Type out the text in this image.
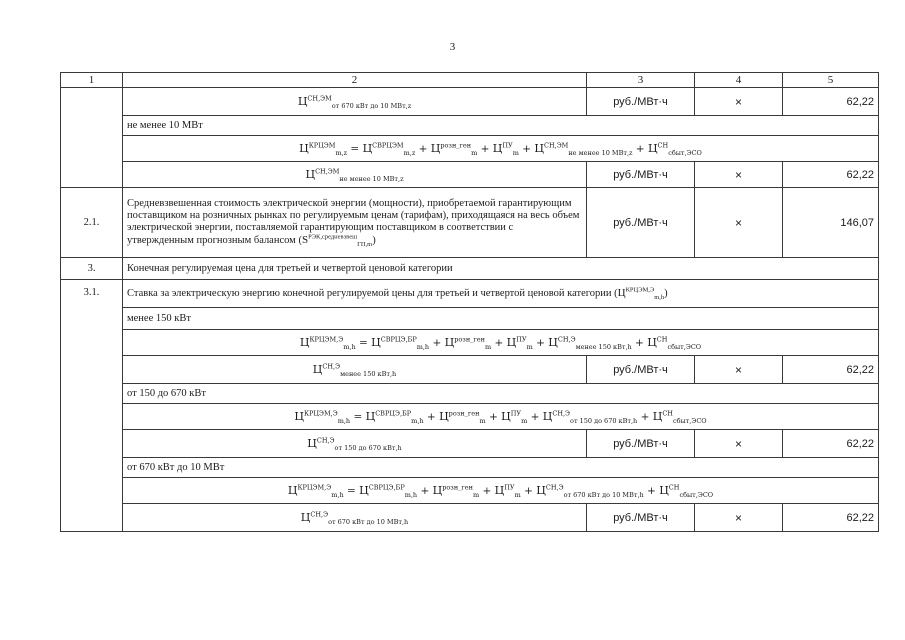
3
1	2	3	4	5
	$Ц^{СН,ЭМ}_{от 670 кВт до 10 МВт,z}$	руб./МВт·ч	×	62,22
	не менее 10 МВт			
	$Ц^{КРЦЭМ}_{m,z} = Ц^{СВРЦЭМ}_{m,z} + Ц^{розн\_ген}_m + Ц^{ПУ}_m + Ц^{СН,ЭМ}_{не менее 10 МВт,z} + Ц^{СН}_{сбыт,ЭСО}$
	$Ц^{СН,ЭМ}_{не менее 10 МВт,z}$	руб./МВт·ч	×	62,22
2.1.	Средневзвешенная стоимость электрической энергии (мощности), приобретаемой гарантирующим поставщиком на розничных рынках по регулируемым ценам (тарифам), приходящаяся на весь объем электрической энергии, поставляемой гарантирующим поставщиком в соответствии с утвержденным прогнозным балансом $(S^{РЭК,средневзвеш}_{ГП,m})$	руб./МВт·ч	×	146,07
3.	Конечная регулируемая цена для третьей и четвертой ценовой категории			
3.1.	Ставка за электрическую энергию конечной регулируемой цены для третьей и четвертой ценовой категории $(Ц^{КРЦЭМ,Э}_{m,h})$			
	менее 150 кВт			
	$Ц^{КРЦЭМ,Э}_{m,h} = Ц^{СВРЦЭ,БР}_{m,h} + Ц^{розн\_ген}_m + Ц^{ПУ}_m + Ц^{СН,Э}_{менее 150 кВт,h} + Ц^{СН}_{сбыт,ЭСО}$
	$Ц^{СН,Э}_{менее 150 кВт,h}$	руб./МВт·ч	×	62,22
	от 150 до 670 кВт			
	$Ц^{КРЦЭМ,Э}_{m,h} = Ц^{СВРЦЭ,БР}_{m,h} + Ц^{розн\_ген}_m + Ц^{ПУ}_m + Ц^{СН,Э}_{от 150 до 670 кВт,h} + Ц^{СН}_{сбыт,ЭСО}$
	$Ц^{СН,Э}_{от 150 до 670 кВт,h}$	руб./МВт·ч	×	62,22
	от 670 кВт до 10 МВт			
	$Ц^{КРЦЭМ,Э}_{m,h} = Ц^{СВРЦЭ,БР}_{m,h} + Ц^{розн\_ген}_m + Ц^{ПУ}_m + Ц^{СН,Э}_{от 670 кВт до 10 МВт,h} + Ц^{СН}_{сбыт,ЭСО}$
	$Ц^{СН,Э}_{от 670 кВт до 10 МВт,h}$	руб./МВт·ч	×	62,22
